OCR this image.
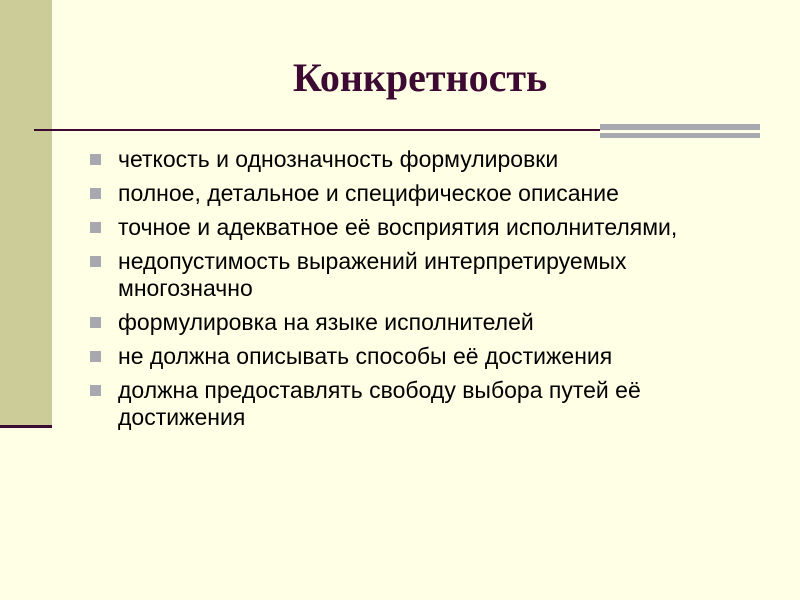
Конкретность
четкость и однозначность формулировки
полное, детальное и специфическое описание
точное и адекватное её восприятия исполнителями,
недопустимость выражений интерпретируемых многозначно
формулировка на языке исполнителей
не должна описывать способы её достижения
должна предоставлять свободу выбора путей её достижения
